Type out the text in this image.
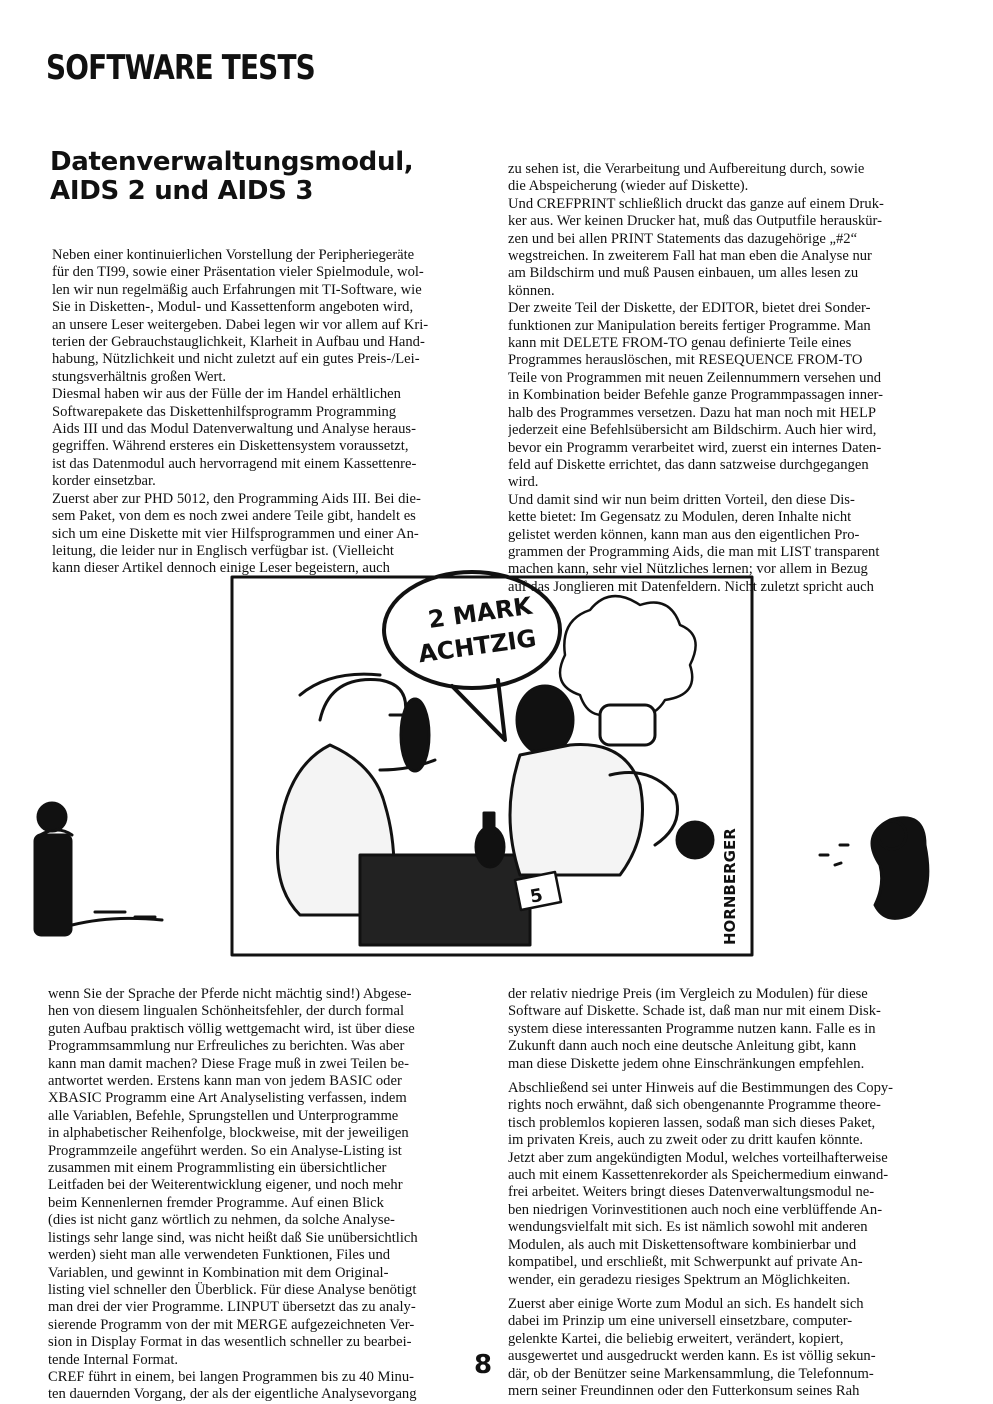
SOFTWARE TESTS
Datenverwaltungsmodul,
AIDS 2 und AIDS 3
Neben einer kontinuierlichen Vorstellung der Peripheriegeräte
für den TI99, sowie einer Präsentation vieler Spielmodule, wol-
len wir nun regelmäßig auch Erfahrungen mit TI-Software, wie
Sie in Disketten-, Modul- und Kassettenform angeboten wird,
an unsere Leser weitergeben. Dabei legen wir vor allem auf Kri-
terien der Gebrauchstauglichkeit, Klarheit in Aufbau und Hand-
habung, Nützlichkeit und nicht zuletzt auf ein gutes Preis-/Lei-
stungsverhältnis großen Wert.
Diesmal haben wir aus der Fülle der im Handel erhältlichen
Softwarepakete das Diskettenhilfsprogramm Programming
Aids III und das Modul Datenverwaltung und Analyse heraus-
gegriffen. Während ersteres ein Diskettensystem voraussetzt,
ist das Datenmodul auch hervorragend mit einem Kassettenre-
korder einsetzbar.
Zuerst aber zur PHD 5012, den Programming Aids III. Bei die-
sem Paket, von dem es noch zwei andere Teile gibt, handelt es
sich um eine Diskette mit vier Hilfsprogrammen und einer An-
leitung, die leider nur in Englisch verfügbar ist. (Vielleicht
kann dieser Artikel dennoch einige Leser begeistern, auch
zu sehen ist, die Verarbeitung und Aufbereitung durch, sowie
die Abspeicherung (wieder auf Diskette).
Und CREFPRINT schließlich druckt das ganze auf einem Druk-
ker aus. Wer keinen Drucker hat, muß das Outputfile herauskür-
zen und bei allen PRINT Statements das dazugehörige „#2“
wegstreichen. In zweiterem Fall hat man eben die Analyse nur
am Bildschirm und muß Pausen einbauen, um alles lesen zu
können.
Der zweite Teil der Diskette, der EDITOR, bietet drei Sonder-
funktionen zur Manipulation bereits fertiger Programme. Man
kann mit DELETE FROM-TO genau definierte Teile eines
Programmes herauslöschen, mit RESEQUENCE FROM-TO
Teile von Programmen mit neuen Zeilennummern versehen und
in Kombination beider Befehle ganze Programmpassagen inner-
halb des Programmes versetzen. Dazu hat man noch mit HELP
jederzeit eine Befehlsübersicht am Bildschirm. Auch hier wird,
bevor ein Programm verarbeitet wird, zuerst ein internes Daten-
feld auf Diskette errichtet, das dann satzweise durchgegangen
wird.
Und damit sind wir nun beim dritten Vorteil, den diese Dis-
kette bietet: Im Gegensatz zu Modulen, deren Inhalte nicht
gelistet werden können, kann man aus den eigentlichen Pro-
grammen der Programming Aids, die man mit LIST transparent
machen kann, sehr viel Nützliches lernen; vor allem in Bezug
auf das Jonglieren mit Datenfeldern. Nicht zuletzt spricht auch
2 MARK
ACHTZIG
5	HORNBERGER
wenn Sie der Sprache der Pferde nicht mächtig sind!) Abgese-
hen von diesem lingualen Schönheitsfehler, der durch formal
guten Aufbau praktisch völlig wettgemacht wird, ist über diese
Programmsammlung nur Erfreuliches zu berichten. Was aber
kann man damit machen? Diese Frage muß in zwei Teilen be-
antwortet werden. Erstens kann man von jedem BASIC oder
XBASIC Programm eine Art Analyselisting verfassen, indem
alle Variablen, Befehle, Sprungstellen und Unterprogramme
in alphabetischer Reihenfolge, blockweise, mit der jeweiligen
Programmzeile angeführt werden. So ein Analyse-Listing ist
zusammen mit einem Programmlisting ein übersichtlicher
Leitfaden bei der Weiterentwicklung eigener, und noch mehr
beim Kennenlernen fremder Programme. Auf einen Blick
(dies ist nicht ganz wörtlich zu nehmen, da solche Analyse-
listings sehr lange sind, was nicht heißt daß Sie unübersichtlich
werden) sieht man alle verwendeten Funktionen, Files und
Variablen, und gewinnt in Kombination mit dem Original-
listing viel schneller den Überblick. Für diese Analyse benötigt
man drei der vier Programme. LINPUT übersetzt das zu analy-
sierende Programm von der mit MERGE aufgezeichneten Ver-
sion in Display Format in das wesentlich schneller zu bearbei-
tende Internal Format.
CREF führt in einem, bei langen Programmen bis zu 40 Minu-
ten dauernden Vorgang, der als der eigentliche Analysevorgang
der relativ niedrige Preis (im Vergleich zu Modulen) für diese
Software auf Diskette. Schade ist, daß man nur mit einem Disk-
system diese interessanten Programme nutzen kann. Falle es in
Zukunft dann auch noch eine deutsche Anleitung gibt, kann
man diese Diskette jedem ohne Einschränkungen empfehlen.
Abschließend sei unter Hinweis auf die Bestimmungen des Copy-
rights noch erwähnt, daß sich obengenannte Programme theore-
tisch problemlos kopieren lassen, sodaß man sich dieses Paket,
im privaten Kreis, auch zu zweit oder zu dritt kaufen könnte.
Jetzt aber zum angekündigten Modul, welches vorteilhafterweise
auch mit einem Kassettenrekorder als Speichermedium einwand-
frei arbeitet. Weiters bringt dieses Datenverwaltungsmodul ne-
ben niedrigen Vorinvestitionen auch noch eine verblüffende An-
wendungsvielfalt mit sich. Es ist nämlich sowohl mit anderen
Modulen, als auch mit Diskettensoftware kombinierbar und
kompatibel, und erschließt, mit Schwerpunkt auf private An-
wender, ein geradezu riesiges Spektrum an Möglichkeiten.
Zuerst aber einige Worte zum Modul an sich. Es handelt sich
dabei im Prinzip um eine universell einsetzbare, computer-
gelenkte Kartei, die beliebig erweitert, verändert, kopiert,
ausgewertet und ausgedruckt werden kann. Es ist völlig sekun-
där, ob der Benützer seine Markensammlung, die Telefonnum-
mern seiner Freundinnen oder den Futterkonsum seines Rah
8
